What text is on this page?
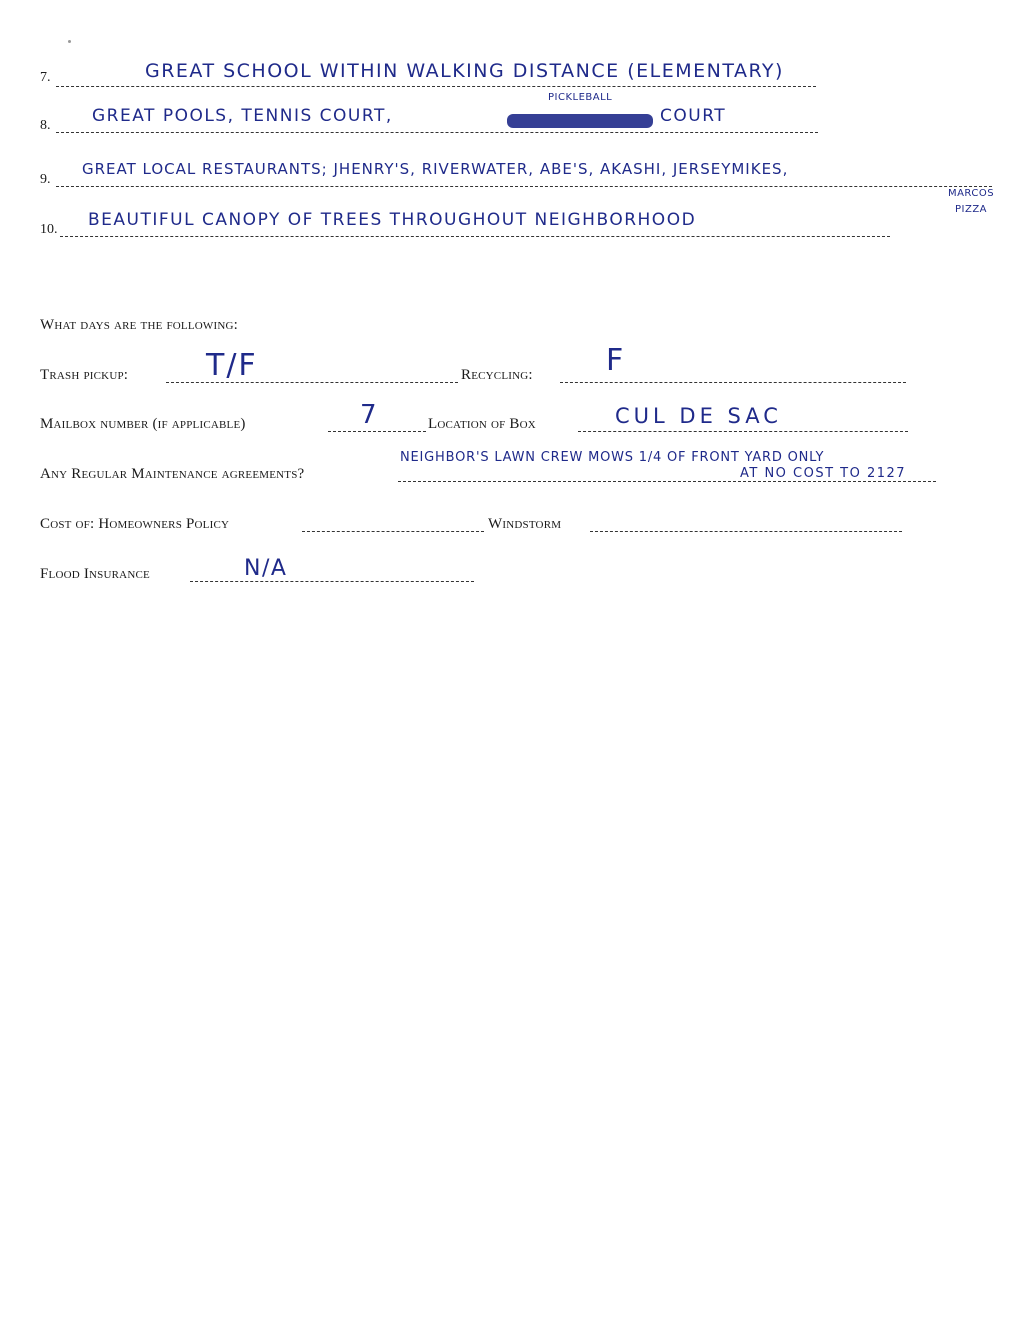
7.	GREAT SCHOOL WITHIN WALKING DISTANCE (ELEMENTARY)
8. GREAT POOLS, TENNIS COURT,
PICKLEBALL
COURT
9.
GREAT LOCAL RESTAURANTS; JHENRY'S, RIVERWATER, ABE'S, AKASHI, JERSEYMIKES,
MARCOS PIZZA
10. BEAUTIFUL CANOPY OF TREES THROUGHOUT NEIGHBORHOOD
What days are the following:
Trash pickup:	T/F	Recycling: F
Mailbox number (if applicable)	7	Location of Box	CUL DE SAC
Any Regular Maintenance agreements?
NEIGHBOR'S LAWN CREW MOWS 1/4 OF FRONT YARD ONLY
AT NO COST TO 2127
Cost of: Homeowners Policy	Windstorm
Flood Insurance	N/A
